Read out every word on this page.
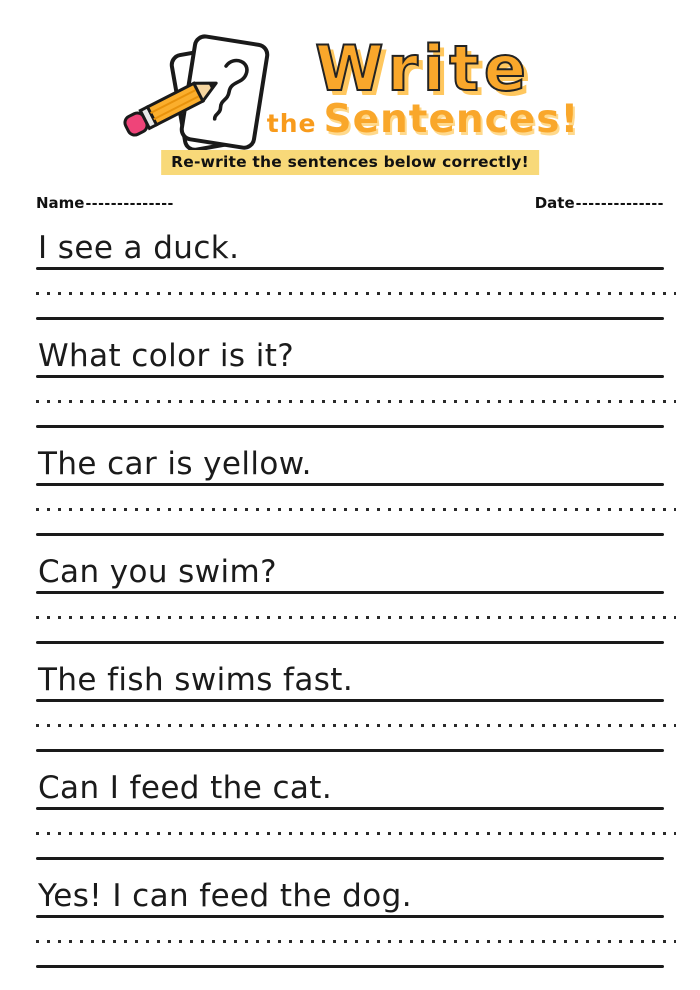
Write
the Sentences!
Re-write the sentences below correctly!
Name --------------	Date --------------
I see a duck.
What color is it?
The car is yellow.
Can you swim?
The fish swims fast.
Can I feed the cat.
Yes! I can feed the dog.
